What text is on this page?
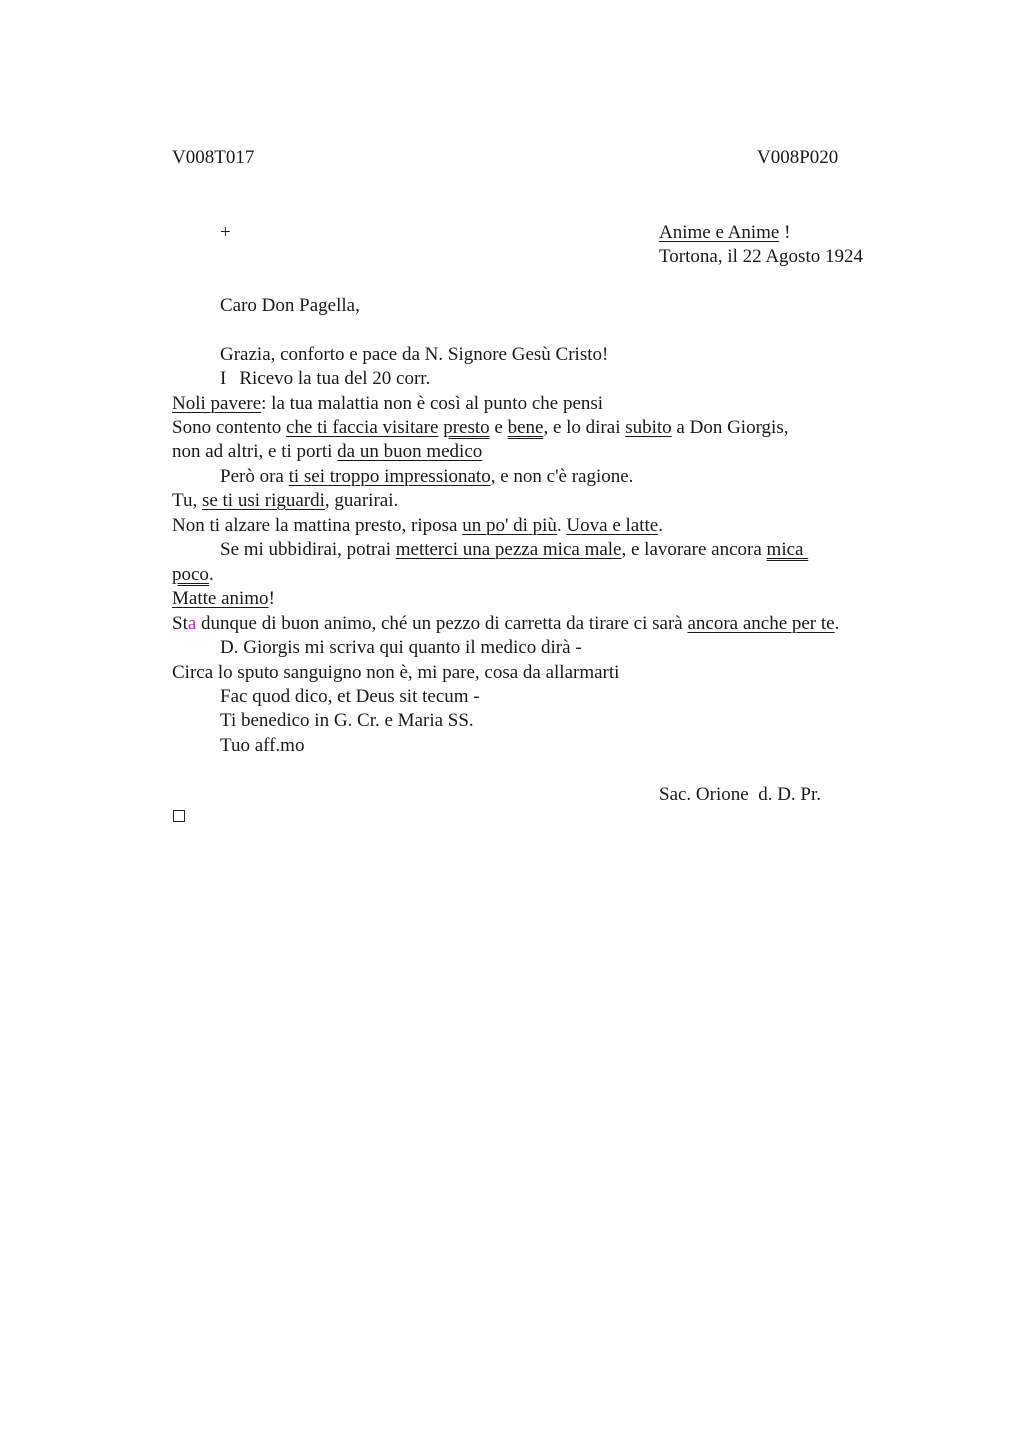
V008T017	V008P020
+	Anime e Anime !
Tortona, il 22 Agosto 1924
Caro Don Pagella,
Grazia, conforto e pace da N. Signore Gesù Cristo!
I Ricevo la tua del 20 corr.
Noli pavere: la tua malattia non è così al punto che pensi
Sono contento che ti faccia visitare presto e bene, e lo dirai subito a Don Giorgis,
non ad altri, e ti porti da un buon medico
Però ora ti sei troppo impressionato, e non c'è ragione.
Tu, se ti usi riguardi, guarirai.
Non ti alzare la mattina presto, riposa un po' di più. Uova e latte.
Se mi ubbidirai, potrai metterci una pezza mica male, e lavorare ancora mica
poco.
Matte animo!
Sta dunque di buon animo, ché un pezzo di carretta da tirare ci sarà ancora anche per te.
D. Giorgis mi scriva qui quanto il medico dirà -
Circa lo sputo sanguigno non è, mi pare, cosa da allarmarti
Fac quod dico, et Deus sit tecum -
Ti benedico in G. Cr. e Maria SS.
Tuo aff.mo
Sac. Orione  d. D. Pr.
